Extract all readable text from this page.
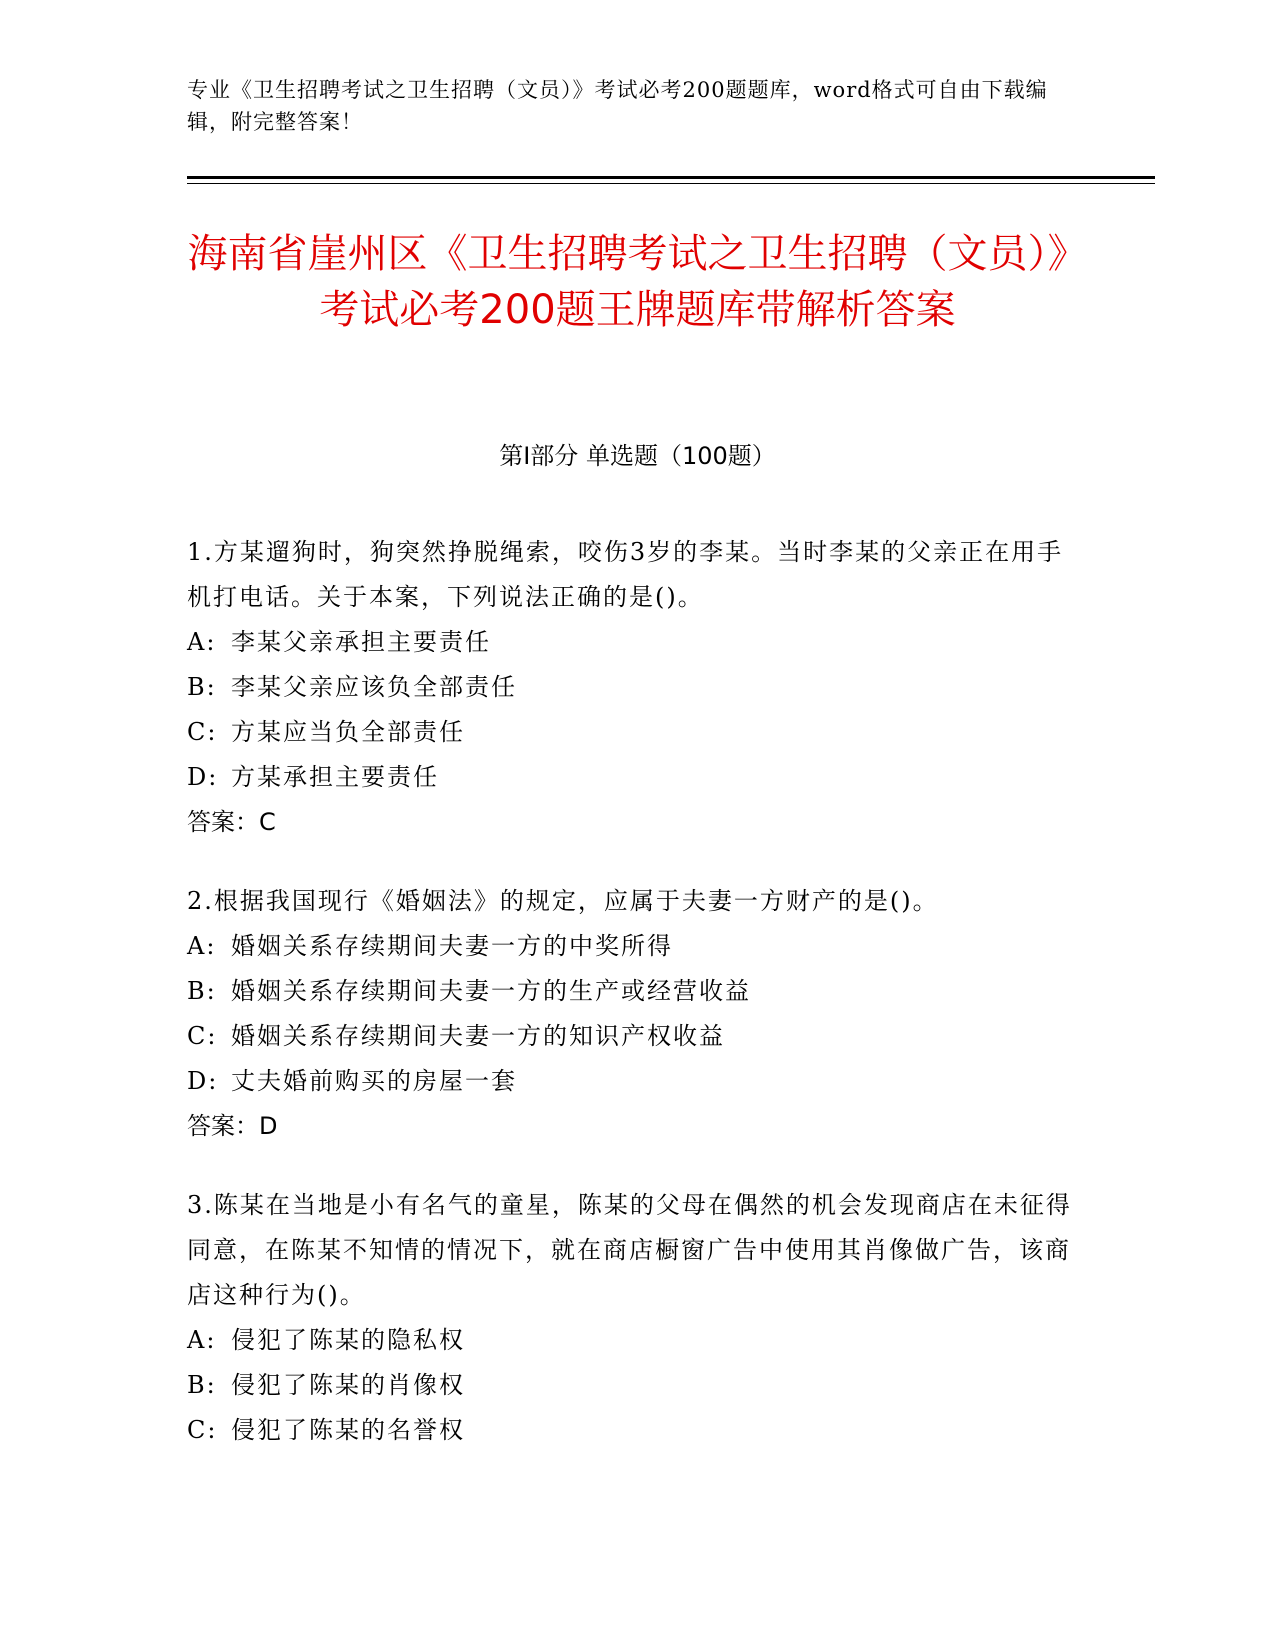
专业《卫生招聘考试之卫生招聘（文员）》考试必考200题题库，word格式可自由下载编辑，附完整答案！
海南省崖州区《卫生招聘考试之卫生招聘（文员）》考试必考200题王牌题库带解析答案
第Ⅰ部分 单选题（100题）

1.方某遛狗时，狗突然挣脱绳索，咬伤3岁的李某。当时李某的父亲正在用手机打电话。关于本案，下列说法正确的是()。

A: 李某父亲承担主要责任

B: 李某父亲应该负全部责任

C: 方某应当负全部责任

D: 方某承担主要责任

答案：C

2.根据我国现行《婚姻法》的规定，应属于夫妻一方财产的是()。

A: 婚姻关系存续期间夫妻一方的中奖所得

B: 婚姻关系存续期间夫妻一方的生产或经营收益

C: 婚姻关系存续期间夫妻一方的知识产权收益

D: 丈夫婚前购买的房屋一套

答案：D

3.陈某在当地是小有名气的童星，陈某的父母在偶然的机会发现商店在未征得同意，在陈某不知情的情况下，就在商店橱窗广告中使用其肖像做广告，该商店这种行为()。

A: 侵犯了陈某的隐私权

B: 侵犯了陈某的肖像权

C: 侵犯了陈某的名誉权
